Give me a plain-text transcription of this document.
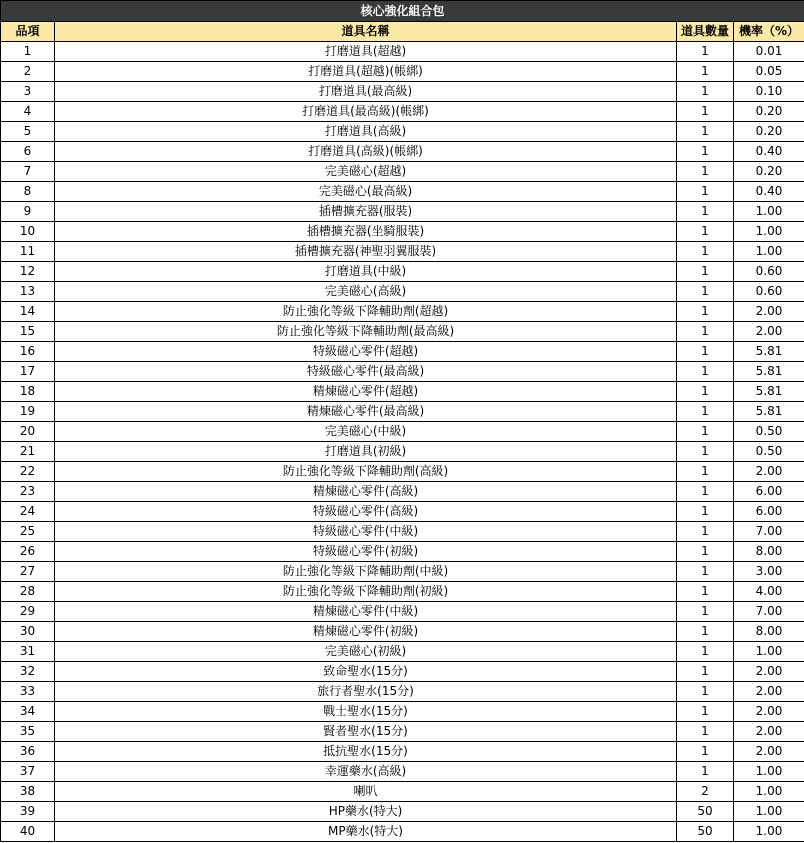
核心強化組合包			
品項	道具名稱	道具數量	機率（%）
1	打磨道具(超越)	1	0.01
2	打磨道具(超越)(帳綁)	1	0.05
3	打磨道具(最高級)	1	0.10
4	打磨道具(最高級)(帳綁)	1	0.20
5	打磨道具(高級)	1	0.20
6	打磨道具(高級)(帳綁)	1	0.40
7	完美磁心(超越)	1	0.20
8	完美磁心(最高級)	1	0.40
9	插槽擴充器(服裝)	1	1.00
10	插槽擴充器(坐騎服裝)	1	1.00
11	插槽擴充器(神聖羽翼服裝)	1	1.00
12	打磨道具(中級)	1	0.60
13	完美磁心(高級)	1	0.60
14	防止強化等級下降輔助劑(超越)	1	2.00
15	防止強化等級下降輔助劑(最高級)	1	2.00
16	特級磁心零件(超越)	1	5.81
17	特級磁心零件(最高級)	1	5.81
18	精煉磁心零件(超越)	1	5.81
19	精煉磁心零件(最高級)	1	5.81
20	完美磁心(中級)	1	0.50
21	打磨道具(初級)	1	0.50
22	防止強化等級下降輔助劑(高級)	1	2.00
23	精煉磁心零件(高級)	1	6.00
24	特級磁心零件(高級)	1	6.00
25	特級磁心零件(中級)	1	7.00
26	特級磁心零件(初級)	1	8.00
27	防止強化等級下降輔助劑(中級)	1	3.00
28	防止強化等級下降輔助劑(初級)	1	4.00
29	精煉磁心零件(中級)	1	7.00
30	精煉磁心零件(初級)	1	8.00
31	完美磁心(初級)	1	1.00
32	致命聖水(15分)	1	2.00
33	旅行者聖水(15分)	1	2.00
34	戰士聖水(15分)	1	2.00
35	賢者聖水(15分)	1	2.00
36	抵抗聖水(15分)	1	2.00
37	幸運藥水(高級)	1	1.00
38	喇叭	2	1.00
39	HP藥水(特大)	50	1.00
40	MP藥水(特大)	50	1.00
